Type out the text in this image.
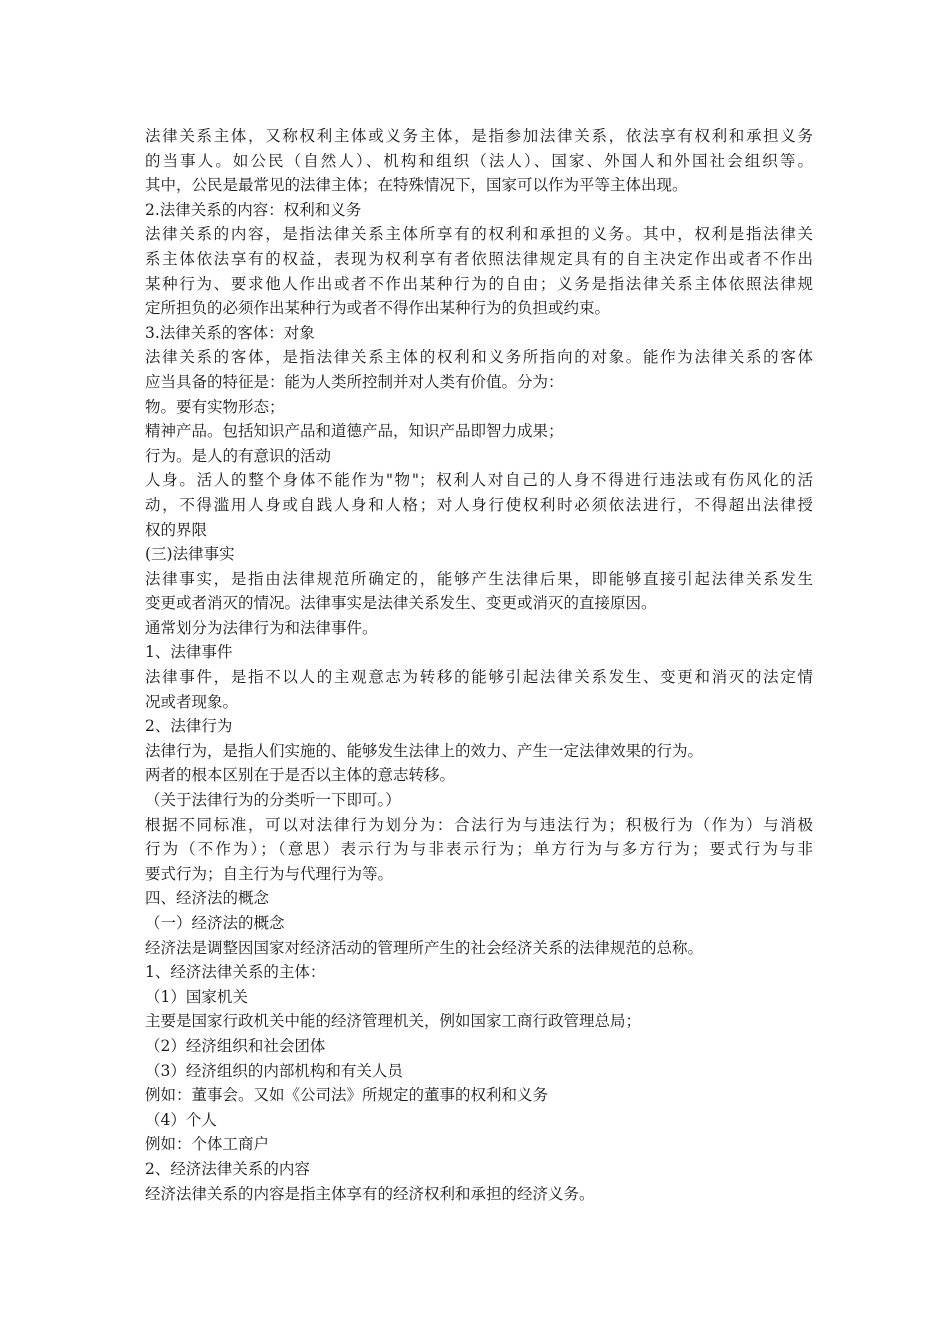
法律关系主体，又称权利主体或义务主体，是指参加法律关系，依法享有权利和承担义务

的当事人。如公民（自然人）、机构和组织（法人）、国家、外国人和外国社会组织等。

其中，公民是最常见的法律主体；在特殊情况下，国家可以作为平等主体出现。

2.法律关系的内容：权利和义务

法律关系的内容，是指法律关系主体所享有的权利和承担的义务。其中，权利是指法律关

系主体依法享有的权益，表现为权利享有者依照法律规定具有的自主决定作出或者不作出

某种行为、要求他人作出或者不作出某种行为的自由；义务是指法律关系主体依照法律规

定所担负的必须作出某种行为或者不得作出某种行为的负担或约束。

3.法律关系的客体：对象

法律关系的客体，是指法律关系主体的权利和义务所指向的对象。能作为法律关系的客体

应当具备的特征是：能为人类所控制并对人类有价值。分为：

物。要有实物形态；

精神产品。包括知识产品和道德产品，知识产品即智力成果；

行为。是人的有意识的活动

人身。活人的整个身体不能作为"物"；权利人对自己的人身不得进行违法或有伤风化的活

动，不得滥用人身或自践人身和人格；对人身行使权利时必须依法进行，不得超出法律授

权的界限

(三)法律事实

法律事实，是指由法律规范所确定的，能够产生法律后果，即能够直接引起法律关系发生

变更或者消灭的情况。法律事实是法律关系发生、变更或消灭的直接原因。

通常划分为法律行为和法律事件。

1、法律事件

法律事件，是指不以人的主观意志为转移的能够引起法律关系发生、变更和消灭的法定情

况或者现象。

2、法律行为

法律行为，是指人们实施的、能够发生法律上的效力、产生一定法律效果的行为。

两者的根本区别在于是否以主体的意志转移。

（关于法律行为的分类听一下即可。）

根据不同标准，可以对法律行为划分为：合法行为与违法行为；积极行为（作为）与消极

行为（不作为）；（意思）表示行为与非表示行为；单方行为与多方行为；要式行为与非

要式行为；自主行为与代理行为等。

四、经济法的概念

（一）经济法的概念

经济法是调整因国家对经济活动的管理所产生的社会经济关系的法律规范的总称。

1、经济法律关系的主体：

（1）国家机关

主要是国家行政机关中能的经济管理机关，例如国家工商行政管理总局；

（2）经济组织和社会团体

（3）经济组织的内部机构和有关人员

例如：董事会。又如《公司法》所规定的董事的权利和义务

（4）个人

例如：个体工商户

2、经济法律关系的内容

经济法律关系的内容是指主体享有的经济权利和承担的经济义务。
